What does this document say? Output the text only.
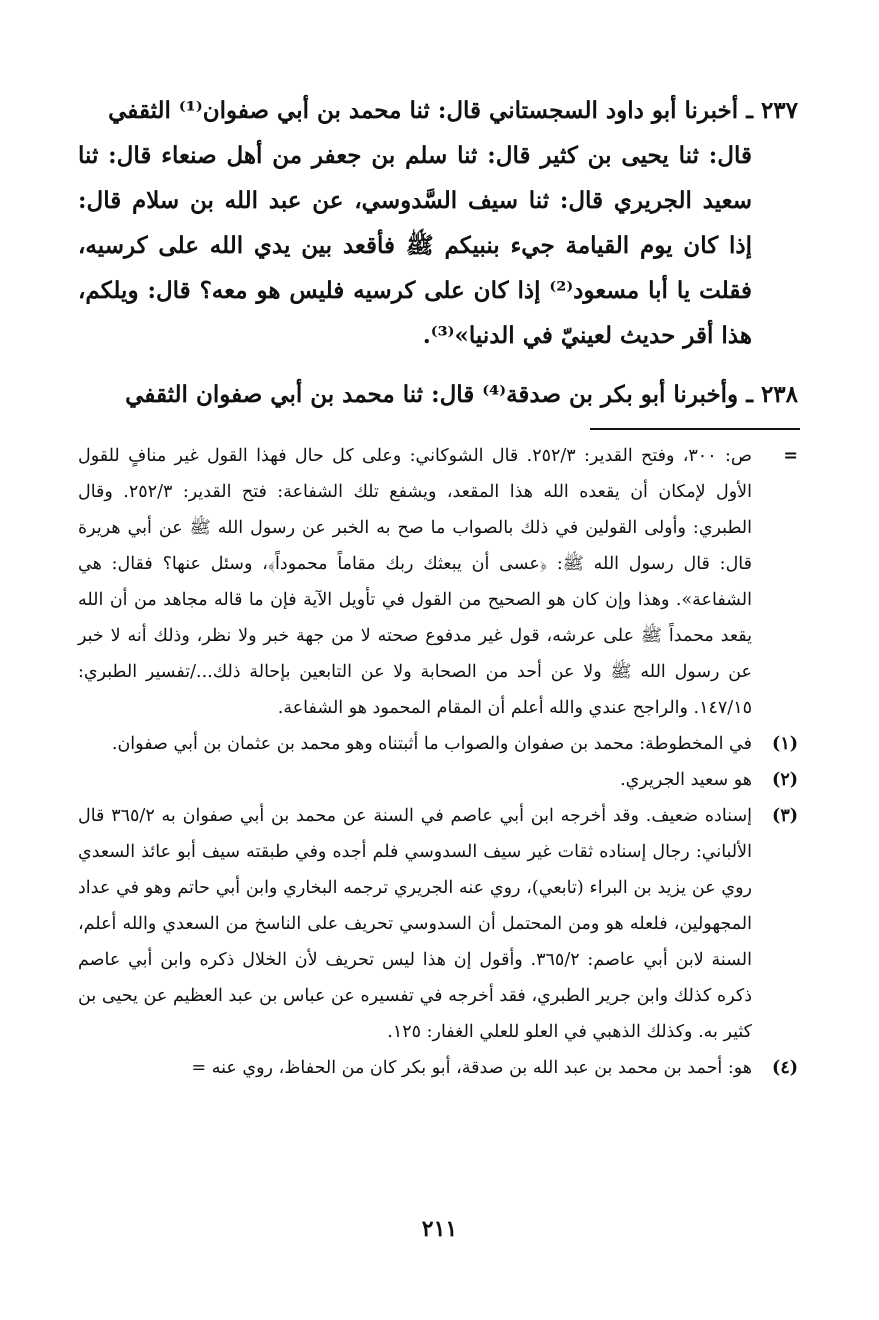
٢٣٧ ـ أخبرنا أبو داود السجستاني قال: ثنا محمد بن أبي صفوان⁽¹⁾ الثقفي
قال: ثنا يحيى بن كثير قال: ثنا سلم بن جعفر من أهل صنعاء قال: ثنا سعيد الجريري قال: ثنا سيف السَّدوسي، عن عبد الله بن سلام قال: إذا كان يوم القيامة جيء بنبيكم ﷺ فأقعد بين يدي الله على كرسيه، فقلت يا أبا مسعود⁽²⁾ إذا كان على كرسيه فليس هو معه؟ قال: ويلكم، هذا أقر حديث لعينيّ في الدنيا»⁽³⁾.

٢٣٨ ـ وأخبرنا أبو بكر بن صدقة⁽⁴⁾ قال: ثنا محمد بن أبي صفوان الثقفي

=
ص: ٣٠٠، وفتح القدير: ٢٥٢/٣. قال الشوكاني: وعلى كل حال فهذا القول غير منافٍ للقول الأول لإمكان أن يقعده الله هذا المقعد، ويشفع تلك الشفاعة: فتح القدير: ٢٥٢/٣. وقال الطبري: وأولى القولين في ذلك بالصواب ما صح به الخبر عن رسول الله ﷺ عن أبي هريرة قال: قال رسول الله ﷺ: ﴿عسى أن يبعثك ربك مقاماً محموداً﴾، وسئل عنها؟ فقال: هي الشفاعة». وهذا وإن كان هو الصحيح من القول في تأويل الآية فإن ما قاله مجاهد من أن الله يقعد محمداً ﷺ على عرشه، قول غير مدفوع صحته لا من جهة خبر ولا نظر، وذلك أنه لا خبر عن رسول الله ﷺ ولا عن أحد من الصحابة ولا عن التابعين بإحالة ذلك.../تفسير الطبري: ١٤٧/١٥. والراجح عندي والله أعلم أن المقام المحمود هو الشفاعة.

(١)
في المخطوطة: محمد بن صفوان والصواب ما أثبتناه وهو محمد بن عثمان بن أبي صفوان.

(٢)
هو سعيد الجريري.

(٣)
إسناده ضعيف. وقد أخرجه ابن أبي عاصم في السنة عن محمد بن أبي صفوان به ٣٦٥/٢ قال الألباني: رجال إسناده ثقات غير سيف السدوسي فلم أجده وفي طبقته سيف أبو عائذ السعدي روي عن يزيد بن البراء (تابعي)، روي عنه الجريري ترجمه البخاري وابن أبي حاتم وهو في عداد المجهولين، فلعله هو ومن المحتمل أن السدوسي تحريف على الناسخ من السعدي والله أعلم، السنة لابن أبي عاصم: ٣٦٥/٢. وأقول إن هذا ليس تحريف لأن الخلال ذكره وابن أبي عاصم ذكره كذلك وابن جرير الطبري، فقد أخرجه في تفسيره عن عباس بن عبد العظيم عن يحيى بن كثير به. وكذلك الذهبي في العلو للعلي الغفار: ١٢٥.

(٤)
هو: أحمد بن محمد بن عبد الله بن صدقة، أبو بكر كان من الحفاظ، روي عنه =

٢١١
